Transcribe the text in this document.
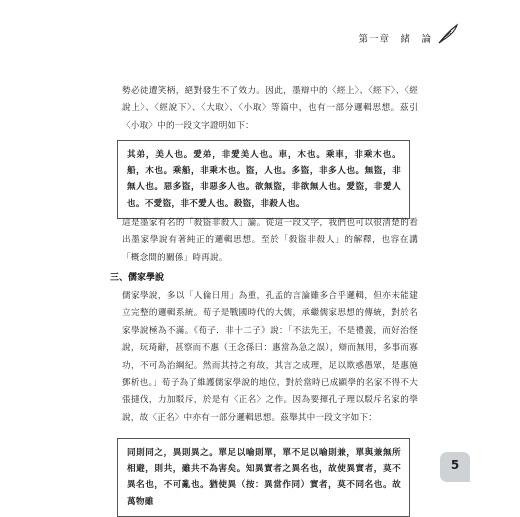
第一章　緒　論

勢必徒遭笑柄，絕對發生不了效力。因此，墨辯中的〈經上〉、〈經下〉、〈經說上〉、〈經說下〉、〈大取〉、〈小取〉等篇中，也有一部分邏輯思想。茲引〈小取〉中的一段文字證明如下：

其弟，美人也。愛弟，非愛美人也。車，木也。乘車，非乘木也。船，木也。乘船，非乘木也。盜，人也。多盜，非多人也。無盜，非無人也。惡多盜，非惡多人也。欲無盜，非欲無人也。愛盜，非愛人也。不愛盜，非不愛人也。殺盜，非殺人也。

這是墨家有名的「殺盜非殺人」論。從這一段文字，我們也可以很清楚的看出墨家學說有著純正的邏輯思想。至於「殺盜非殺人」的解釋，也容在講「概念間的關係」時再說。

三、儒家學說

儒家學說，多以「人倫日用」為重，孔孟的言論雖多合乎邏輯，但亦未能建立完整的邏輯系統。荀子是戰國時代的大儒，承繼儒家思想的傳統，對於名家學說極為不滿。《荀子．非十二子》說：「不法先王，不是禮義，而好治怪說，玩琦辭，甚察而不惠（王念孫曰：惠當為急之誤），辯而無用，多事而寡功，不可為治綱紀。然而其持之有故，其言之成理，足以欺惑愚眾，是惠施鄧析也。」荀子為了維護儒家學說的地位，對於當時已成顯學的名家不得不大張撻伐，力加駁斥，於是有〈正名〉之作。因為要揮孔子理以駁斥名家的學說，故〈正名〉中亦有一部分邏輯思想。茲舉其中一段文字如下：

同則同之，異則異之。單足以喻則單，單不足以喻則兼，單與兼無所相避，則共，雖共不為害矣。知異實者之異名也，故使異實者，莫不異名也，不可亂也。猶使異（按：異當作同）實者，莫不同名也。故萬物雖

5
